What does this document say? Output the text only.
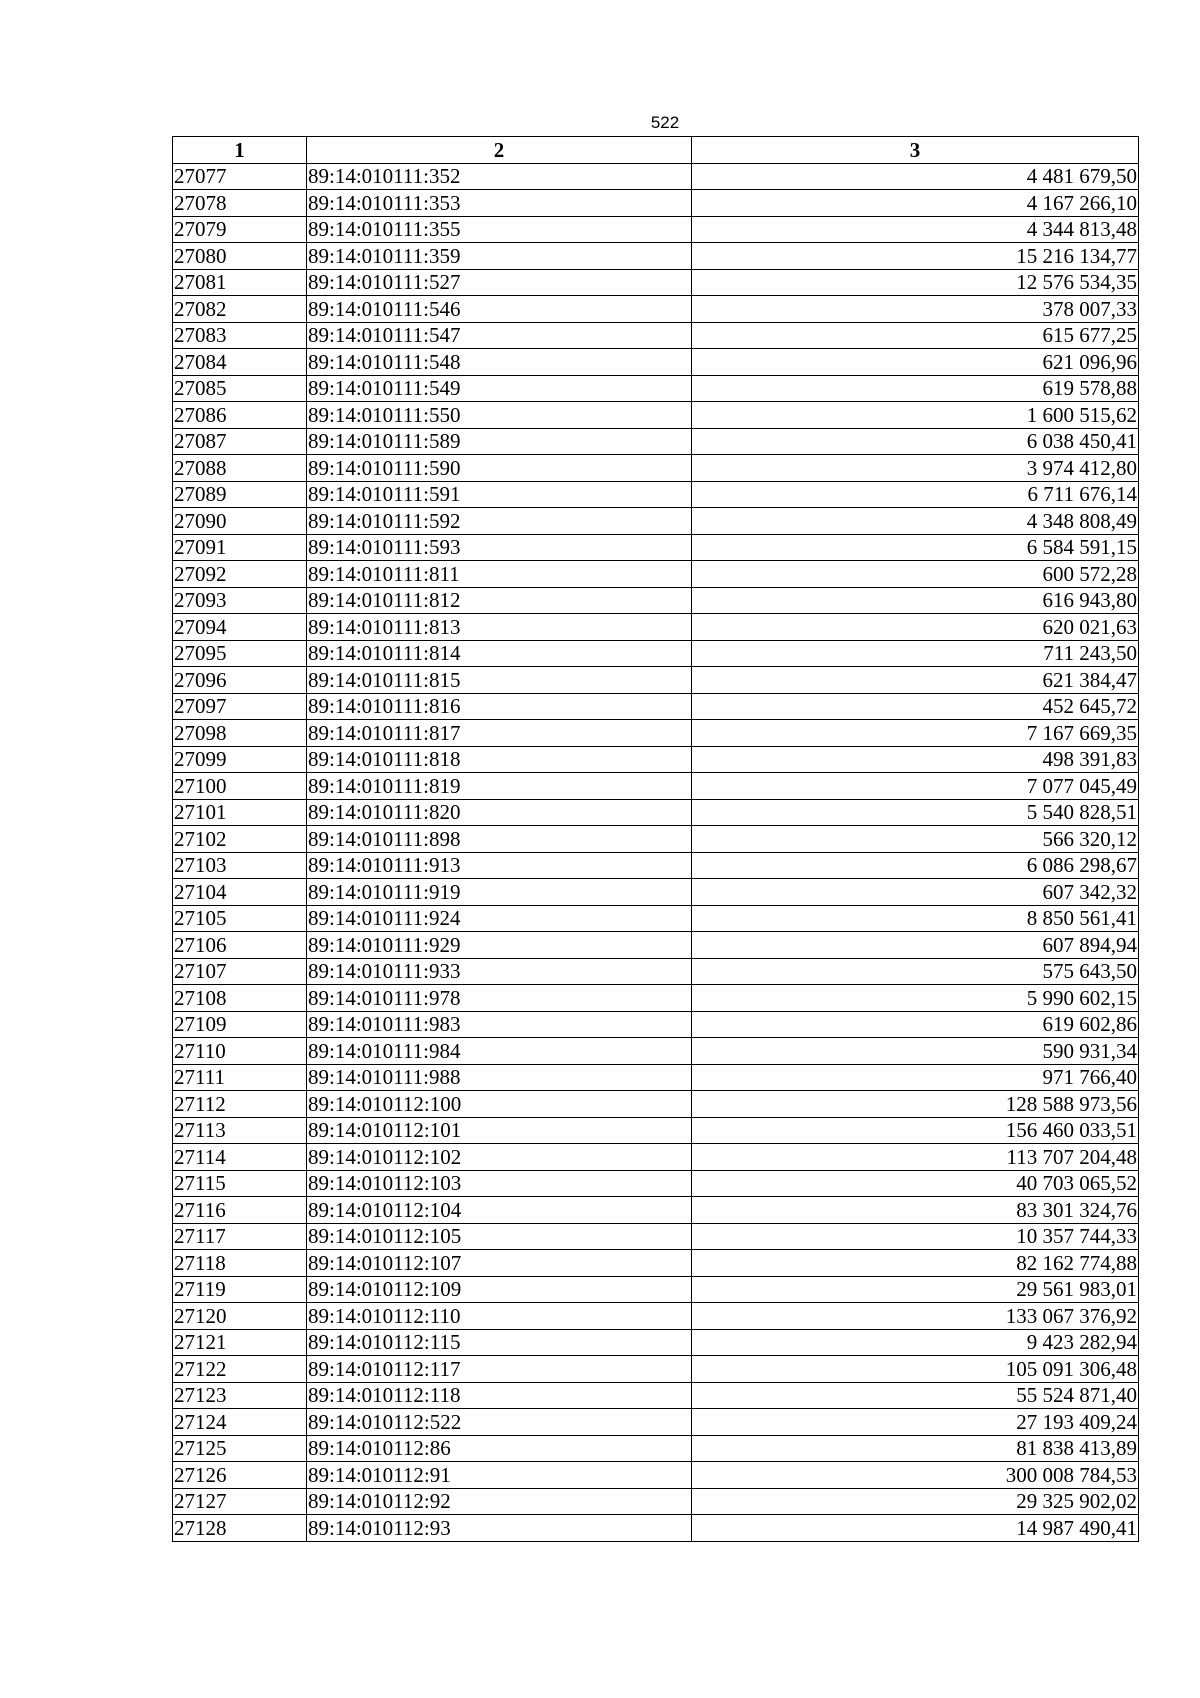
522
1	2	3
27077	89:14:010111:352	4 481 679,50
27078	89:14:010111:353	4 167 266,10
27079	89:14:010111:355	4 344 813,48
27080	89:14:010111:359	15 216 134,77
27081	89:14:010111:527	12 576 534,35
27082	89:14:010111:546	378 007,33
27083	89:14:010111:547	615 677,25
27084	89:14:010111:548	621 096,96
27085	89:14:010111:549	619 578,88
27086	89:14:010111:550	1 600 515,62
27087	89:14:010111:589	6 038 450,41
27088	89:14:010111:590	3 974 412,80
27089	89:14:010111:591	6 711 676,14
27090	89:14:010111:592	4 348 808,49
27091	89:14:010111:593	6 584 591,15
27092	89:14:010111:811	600 572,28
27093	89:14:010111:812	616 943,80
27094	89:14:010111:813	620 021,63
27095	89:14:010111:814	711 243,50
27096	89:14:010111:815	621 384,47
27097	89:14:010111:816	452 645,72
27098	89:14:010111:817	7 167 669,35
27099	89:14:010111:818	498 391,83
27100	89:14:010111:819	7 077 045,49
27101	89:14:010111:820	5 540 828,51
27102	89:14:010111:898	566 320,12
27103	89:14:010111:913	6 086 298,67
27104	89:14:010111:919	607 342,32
27105	89:14:010111:924	8 850 561,41
27106	89:14:010111:929	607 894,94
27107	89:14:010111:933	575 643,50
27108	89:14:010111:978	5 990 602,15
27109	89:14:010111:983	619 602,86
27110	89:14:010111:984	590 931,34
27111	89:14:010111:988	971 766,40
27112	89:14:010112:100	128 588 973,56
27113	89:14:010112:101	156 460 033,51
27114	89:14:010112:102	113 707 204,48
27115	89:14:010112:103	40 703 065,52
27116	89:14:010112:104	83 301 324,76
27117	89:14:010112:105	10 357 744,33
27118	89:14:010112:107	82 162 774,88
27119	89:14:010112:109	29 561 983,01
27120	89:14:010112:110	133 067 376,92
27121	89:14:010112:115	9 423 282,94
27122	89:14:010112:117	105 091 306,48
27123	89:14:010112:118	55 524 871,40
27124	89:14:010112:522	27 193 409,24
27125	89:14:010112:86	81 838 413,89
27126	89:14:010112:91	300 008 784,53
27127	89:14:010112:92	29 325 902,02
27128	89:14:010112:93	14 987 490,41
